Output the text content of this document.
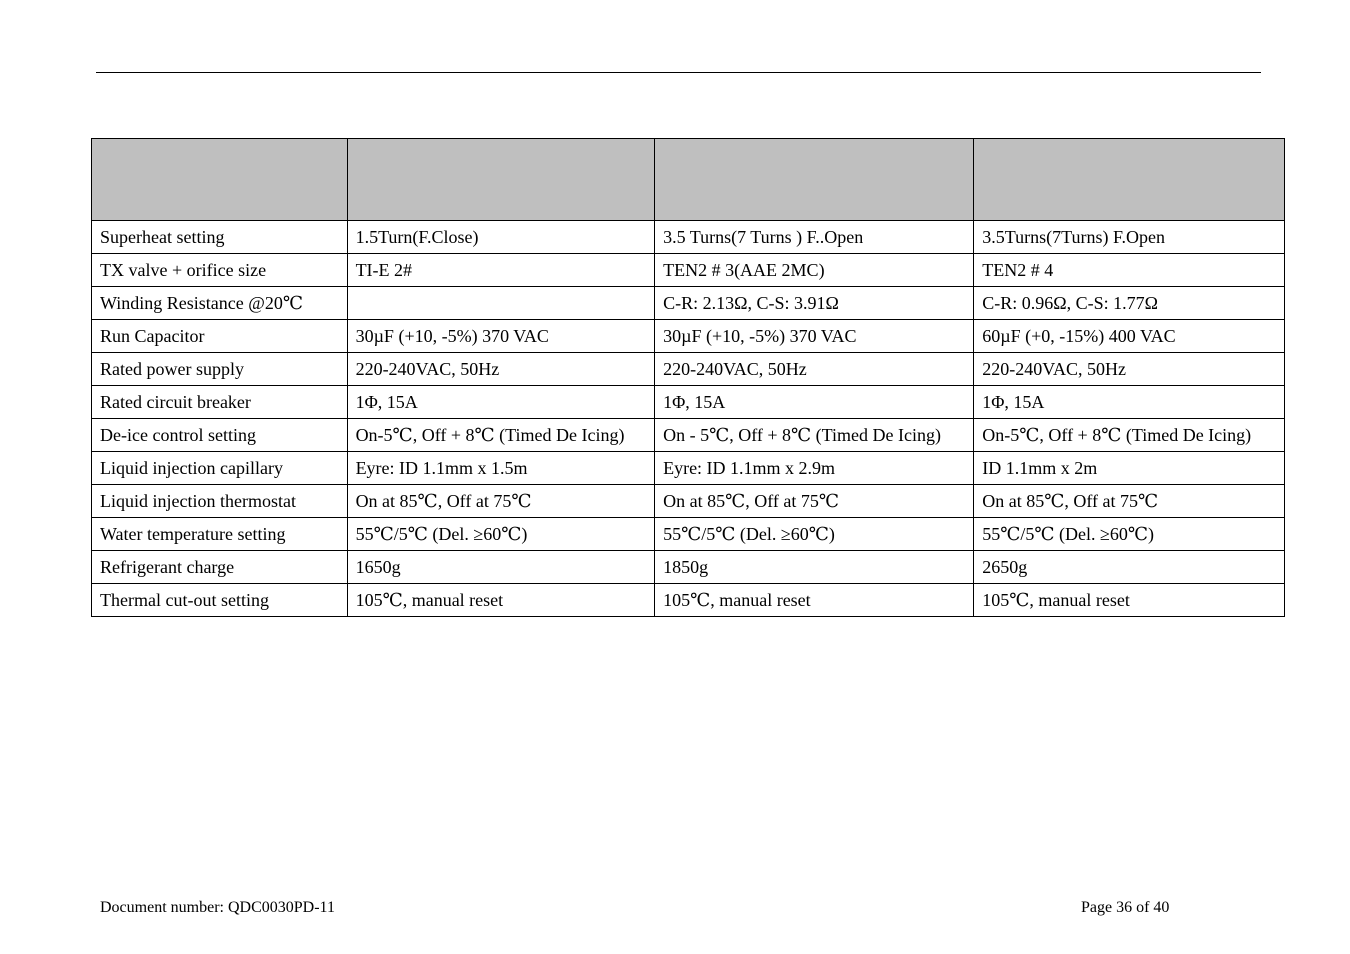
Superheat setting	1.5Turn(F.Close)	3.5 Turns(7 Turns ) F..Open	3.5Turns(7Turns) F.Open
TX valve + orifice size	TI-E 2#	TEN2 # 3(AAE 2MC)	TEN2 # 4
Winding Resistance @20℃		C-R: 2.13Ω, C-S: 3.91Ω	C-R: 0.96Ω, C-S: 1.77Ω
Run Capacitor	30µF (+10, -5%) 370 VAC	30µF (+10, -5%) 370 VAC	60µF (+0, -15%) 400 VAC
Rated power supply	220-240VAC, 50Hz	220-240VAC, 50Hz	220-240VAC, 50Hz
Rated circuit breaker	1Φ, 15A	1Φ, 15A	1Φ, 15A
De-ice control setting	On-5℃, Off + 8℃ (Timed De Icing)	On - 5℃, Off + 8℃ (Timed De Icing)	On-5℃, Off + 8℃ (Timed De Icing)
Liquid injection capillary	Eyre: ID 1.1mm x 1.5m	Eyre: ID 1.1mm x 2.9m	ID 1.1mm x 2m
Liquid injection thermostat	On at 85℃, Off at 75℃	On at 85℃, Off at 75℃	On at 85℃, Off at 75℃
Water temperature setting	55℃/5℃ (Del. ≥60℃)	55℃/5℃ (Del. ≥60℃)	55℃/5℃ (Del. ≥60℃)
Refrigerant charge	1650g	1850g	2650g
Thermal cut-out setting	105℃, manual reset	105℃, manual reset	105℃, manual reset
Document number: QDC0030PD-11	Page 36 of 40
